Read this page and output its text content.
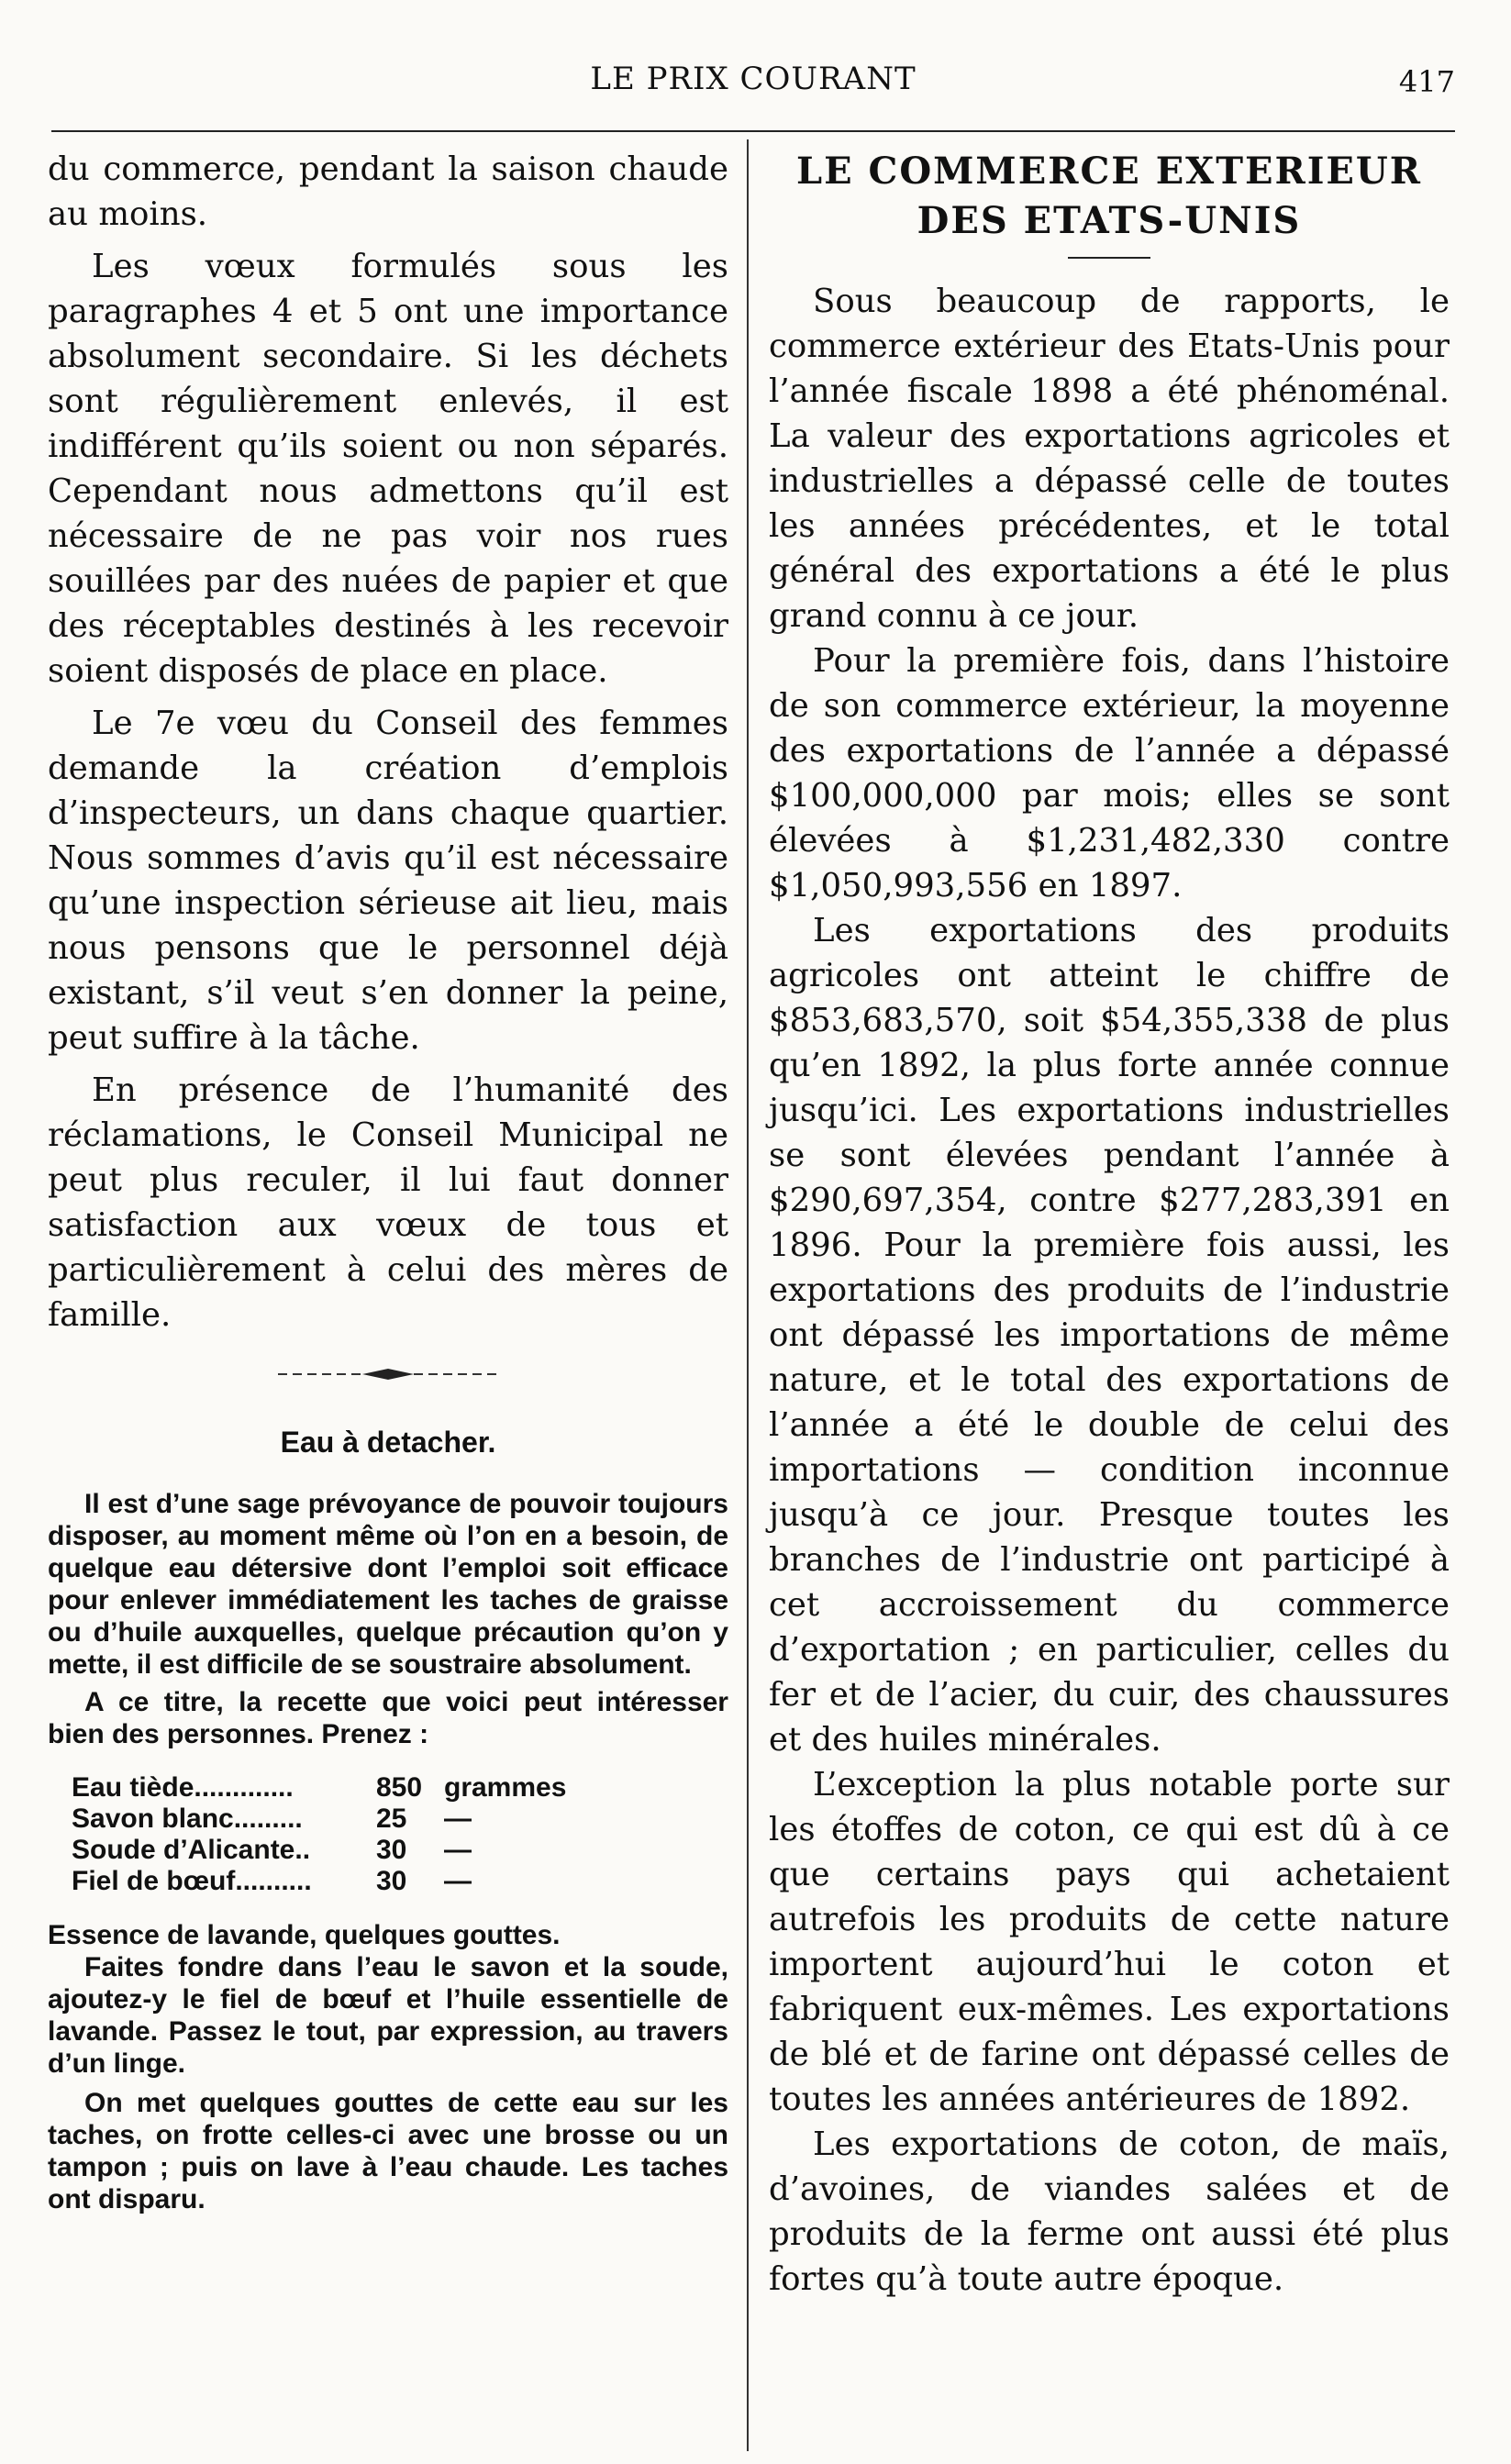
LE PRIX COURANT	417

du commerce, pendant la saison chaude au moins.

Les vœux formulés sous les paragraphes 4 et 5 ont une importance absolument secondaire. Si les déchets sont régulièrement enlevés, il est indifférent qu’ils soient ou non séparés. Cependant nous admettons qu’il est nécessaire de ne pas voir nos rues souillées par des nuées de papier et que des réceptables destinés à les recevoir soient disposés de place en place.

Le 7e vœu du Conseil des femmes demande la création d’emplois d’inspecteurs, un dans chaque quartier. Nous sommes d’avis qu’il est nécessaire qu’une inspection sérieuse ait lieu, mais nous pensons que le personnel déjà existant, s’il veut s’en donner la peine, peut suffire à la tâche.

En présence de l’humanité des réclamations, le Conseil Municipal ne peut plus reculer, il lui faut donner satisfaction aux vœux de tous et particulièrement à celui des mères de famille.

Eau à detacher.

Il est d’une sage prévoyance de pouvoir toujours disposer, au moment même où l’on en a besoin, de quelque eau détersive dont l’emploi soit efficace pour enlever immédiatement les taches de graisse ou d’huile auxquelles, quelque précaution qu’on y mette, il est difficile de se soustraire absolument.

A ce titre, la recette que voici peut intéresser bien des personnes. Prenez :

Eau tiède.............	850	grammes
Savon blanc.........	25	—
Soude d’Alicante..	30	—
Fiel de bœuf..........	30	—

Essence de lavande, quelques gouttes.

Faites fondre dans l’eau le savon et la soude, ajoutez-y le fiel de bœuf et l’huile essentielle de lavande. Passez le tout, par expression, au travers d’un linge.

On met quelques gouttes de cette eau sur les taches, on frotte celles-ci avec une brosse ou un tampon ; puis on lave à l’eau chaude. Les taches ont disparu.

LE COMMERCE EXTERIEUR
DES ETATS-UNIS

Sous beaucoup de rapports, le commerce extérieur des Etats-Unis pour l’année fiscale 1898 a été phénoménal. La valeur des exportations agricoles et industrielles a dépassé celle de toutes les années précédentes, et le total général des exportations a été le plus grand connu à ce jour.

Pour la première fois, dans l’histoire de son commerce extérieur, la moyenne des exportations de l’année a dépassé $100,000,000 par mois; elles se sont élevées à $1,231,482,330 contre $1,050,993,556 en 1897.

Les exportations des produits agricoles ont atteint le chiffre de $853,683,570, soit $54,355,338 de plus qu’en 1892, la plus forte année connue jusqu’ici. Les exportations industrielles se sont élevées pendant l’année à $290,697,354, contre $277,283,391 en 1896. Pour la première fois aussi, les exportations des produits de l’industrie ont dépassé les importations de même nature, et le total des exportations de l’année a été le double de celui des importations — condition inconnue jusqu’à ce jour. Presque toutes les branches de l’industrie ont participé à cet accroissement du commerce d’exportation ; en particulier, celles du fer et de l’acier, du cuir, des chaussures et des huiles minérales.

L’exception la plus notable porte sur les étoffes de coton, ce qui est dû à ce que certains pays qui achetaient autrefois les produits de cette nature importent aujourd’hui le coton et fabriquent eux-mêmes. Les exportations de blé et de farine ont dépassé celles de toutes les années antérieures de 1892.

Les exportations de coton, de maïs, d’avoines, de viandes salées et de produits de la ferme ont aussi été plus fortes qu’à toute autre époque.
